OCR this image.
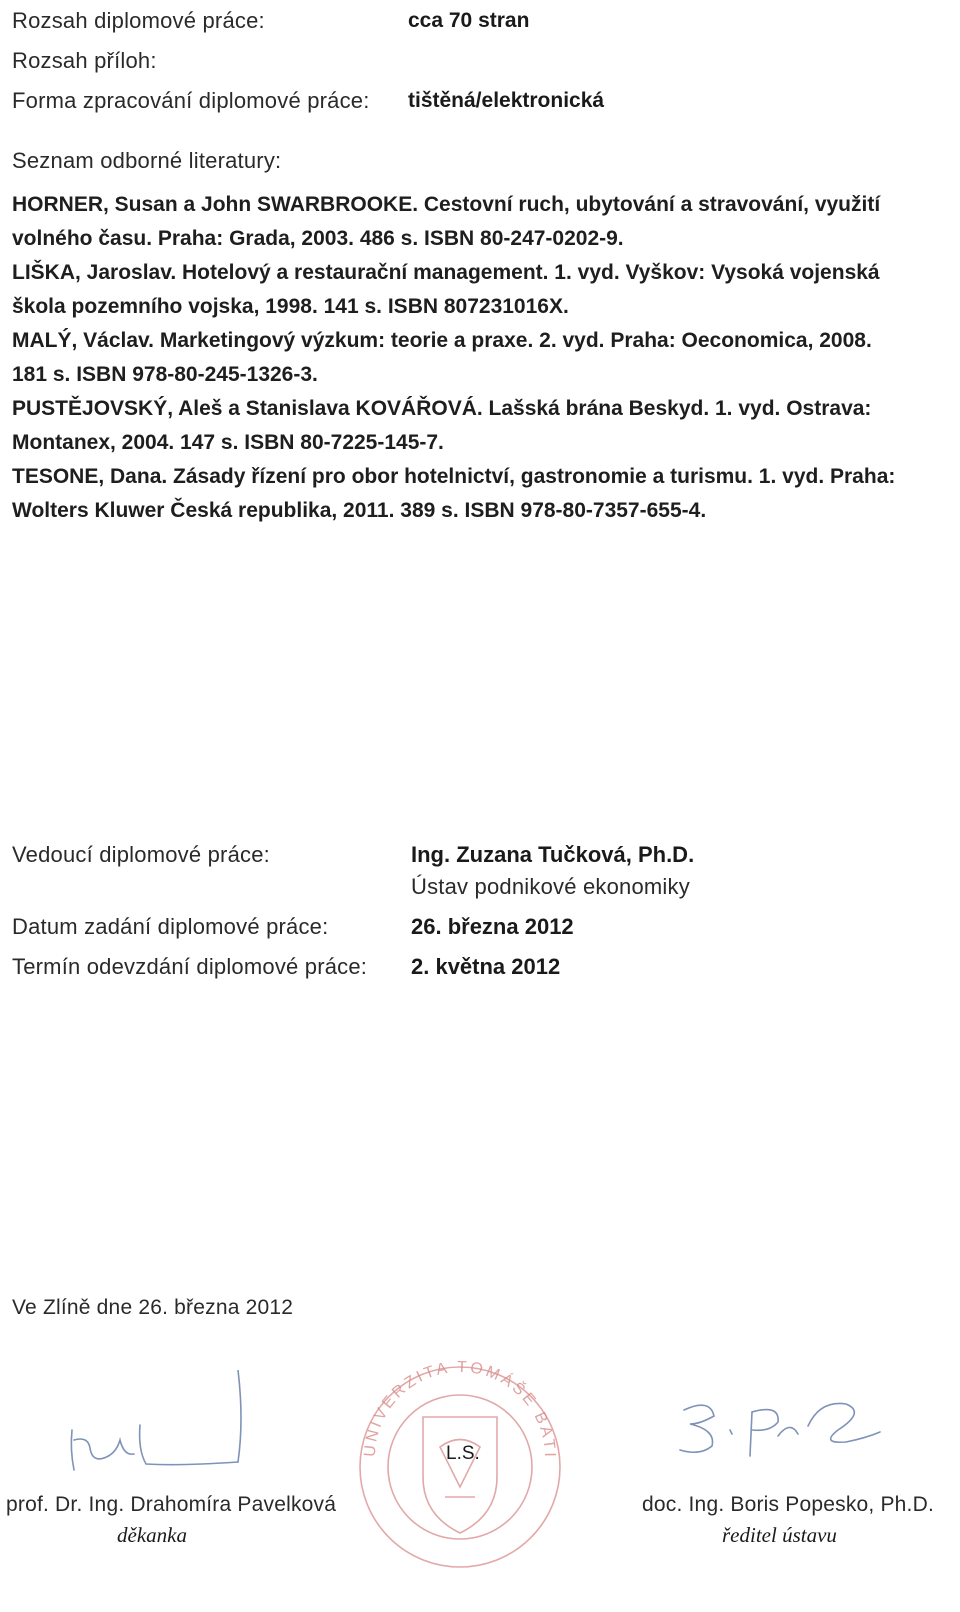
Rozsah diplomové práce:	cca 70 stran
Rozsah příloh:
Forma zpracování diplomové práce: tištěná/elektronická
Seznam odborné literatury:
HORNER, Susan a John SWARBROOKE. Cestovní ruch, ubytování a stravování, využití
volného času. Praha: Grada, 2003. 486 s. ISBN 80-247-0202-9.
LIŠKA, Jaroslav. Hotelový a restaurační management. 1. vyd. Vyškov: Vysoká vojenská
škola pozemního vojska, 1998. 141 s. ISBN 807231016X.
MALÝ, Václav. Marketingový výzkum: teorie a praxe. 2. vyd. Praha: Oeconomica, 2008.
181 s. ISBN 978-80-245-1326-3.
PUSTĚJOVSKÝ, Aleš a Stanislava KOVÁŘOVÁ. Lašská brána Beskyd. 1. vyd. Ostrava:
Montanex, 2004. 147 s. ISBN 80-7225-145-7.
TESONE, Dana. Zásady řízení pro obor hotelnictví, gastronomie a turismu. 1. vyd. Praha:
Wolters Kluwer Česká republika, 2011. 389 s. ISBN 978-80-7357-655-4.
Vedoucí diplomové práce:	Ing. Zuzana Tučková, Ph.D.
Ústav podnikové ekonomiky
Datum zadání diplomové práce:	26. března 2012
Termín odevzdání diplomové práce: 2. května 2012
Ve Zlíně dne 26. března 2012
UNIVERZITA TOMÁŠE BATI
L.S.
prof. Dr. Ing. Drahomíra Pavelková
děkanka
doc. Ing. Boris Popesko, Ph.D.
ředitel ústavu
